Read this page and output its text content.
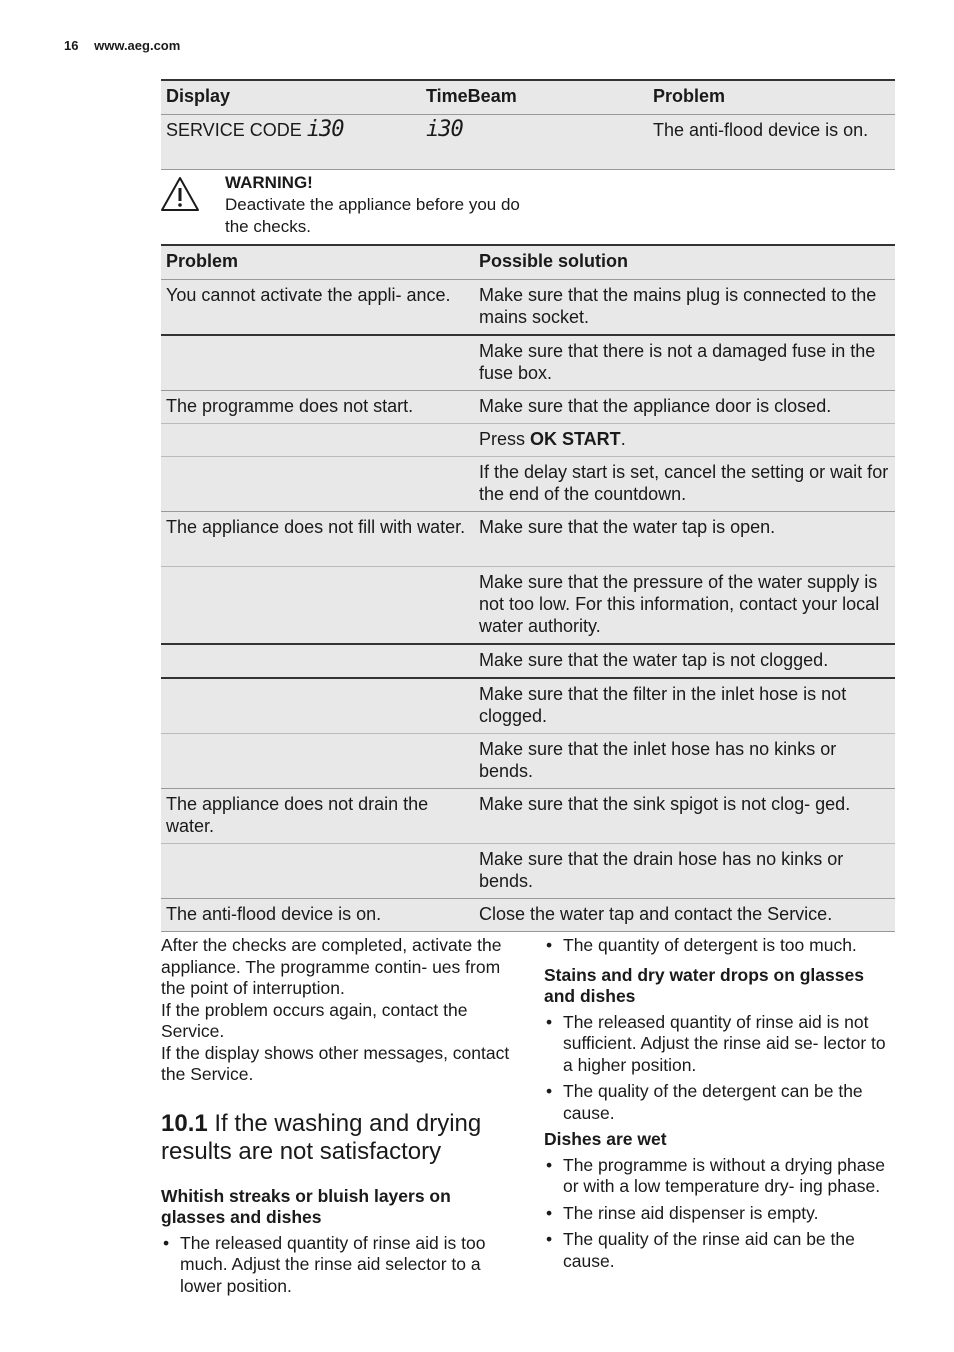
16 www.aeg.com
Display	TimeBeam	Problem
SERVICE CODE i30	i30	The anti-flood device is on.
WARNING!
Deactivate the appliance before you do the checks.
Problem	Possible solution
You cannot activate the appli- ance.	Make sure that the mains plug is connected to the mains socket.
	Make sure that there is not a damaged fuse in the fuse box.
The programme does not start.	Make sure that the appliance door is closed.
	Press OK START.
	If the delay start is set, cancel the setting or wait for the end of the countdown.
The appliance does not fill with water.	Make sure that the water tap is open.
	Make sure that the pressure of the water supply is not too low. For this information, contact your local water authority.
	Make sure that the water tap is not clogged.
	Make sure that the filter in the inlet hose is not clogged.
	Make sure that the inlet hose has no kinks or bends.
The appliance does not drain the water.	Make sure that the sink spigot is not clog- ged.
	Make sure that the drain hose has no kinks or bends.
The anti-flood device is on.	Close the water tap and contact the Service.

After the checks are completed, activate the appliance. The programme contin- ues from the point of interruption.

If the problem occurs again, contact the Service.

If the display shows other messages, contact the Service.

10.1 If the washing and drying results are not satisfactory

Whitish streaks or bluish layers on glasses and dishes

• The released quantity of rinse aid is too much. Adjust the rinse aid selector to a lower position.
• The quantity of detergent is too much.

Stains and dry water drops on glasses and dishes

• The released quantity of rinse aid is not sufficient. Adjust the rinse aid se- lector to a higher position.
• The quality of the detergent can be the cause.

Dishes are wet

• The programme is without a drying phase or with a low temperature dry- ing phase.
• The rinse aid dispenser is empty.
• The quality of the rinse aid can be the cause.
